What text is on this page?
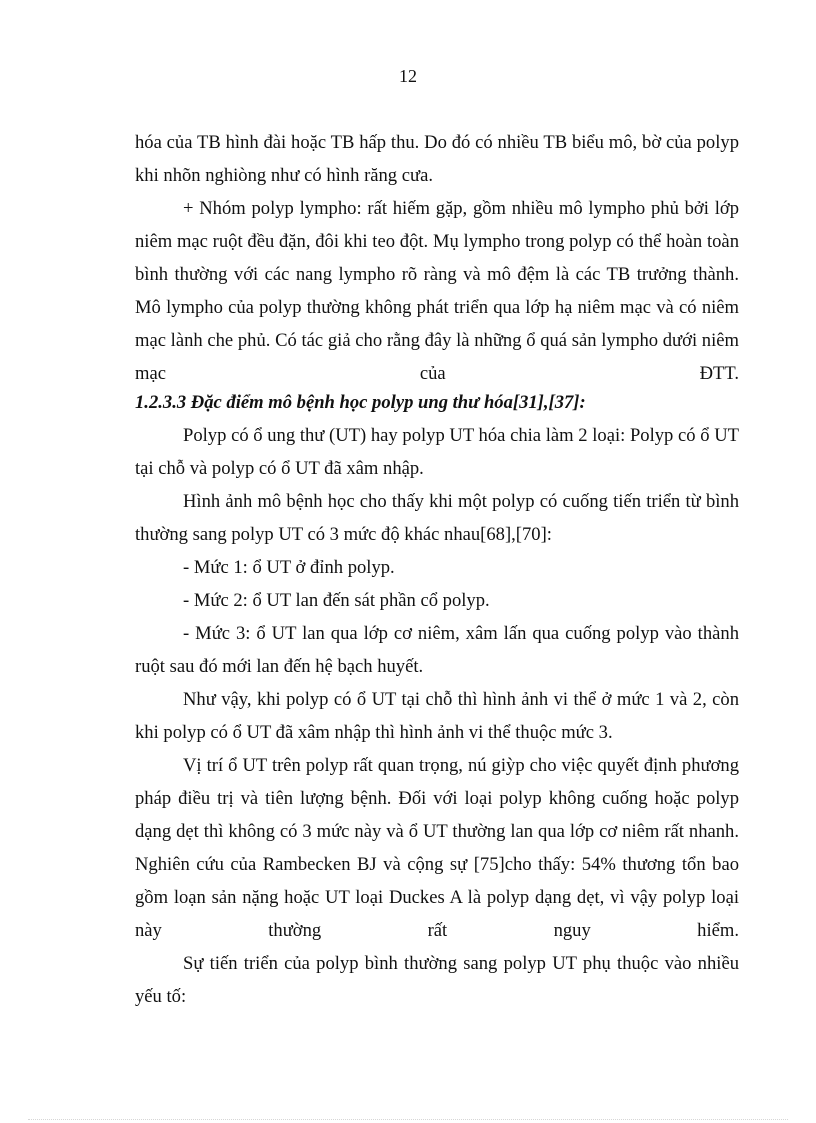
12

hóa của TB hình đài hoặc TB hấp thu. Do đó có nhiều TB biểu mô, bờ của polyp khi nhõn nghiòng như có hình răng cưa.

+ Nhóm polyp lympho: rất hiếm gặp, gồm nhiều mô lympho phủ bởi lớp niêm mạc ruột đều đặn, đôi khi teo đột. Mụ lympho trong polyp có thể hoàn toàn bình thường với các nang lympho rõ ràng và mô đệm là các TB trưởng thành. Mô lympho của polyp thường không phát triển qua lớp hạ niêm mạc và có niêm mạc lành che phủ. Có tác giả cho rằng đây là những ổ quá sản lympho dưới niêm mạc của ĐTT.

1.2.3.3 Đặc điểm mô bệnh học polyp ung thư hóa[31],[37]:

Polyp có ổ ung thư (UT) hay polyp UT hóa chia làm 2 loại: Polyp có ổ UT tại chỗ và polyp có ổ UT đã xâm nhập.

Hình ảnh mô bệnh học cho thấy khi một polyp có cuống tiến triển từ bình thường sang polyp UT có 3 mức độ khác nhau[68],[70]:

- Mức 1: ổ UT ở đỉnh polyp.

- Mức 2: ổ UT lan đến sát phần cổ polyp.

- Mức 3: ổ UT lan qua lớp cơ niêm, xâm lấn qua cuống polyp vào thành ruột sau đó mới lan đến hệ bạch huyết.

Như vậy, khi polyp có ổ UT tại chỗ thì hình ảnh vi thể ở mức 1 và 2, còn khi polyp có ổ UT đã xâm nhập thì hình ảnh vi thể thuộc mức 3.

Vị trí ổ UT trên polyp rất quan trọng, nú giỳp cho việc quyết định phương pháp điều trị và tiên lượng bệnh. Đối với loại polyp không cuống hoặc polyp dạng dẹt thì không có 3 mức này và ổ UT thường lan qua lớp cơ niêm rất nhanh. Nghiên cứu của Rambecken BJ và cộng sự [75]cho thấy: 54% thương tổn bao gồm loạn sản nặng hoặc UT loại Duckes A là polyp dạng dẹt, vì vậy polyp loại này thường rất nguy hiểm.

Sự tiến triển của polyp bình thường sang polyp UT phụ thuộc vào nhiều yếu tố:
